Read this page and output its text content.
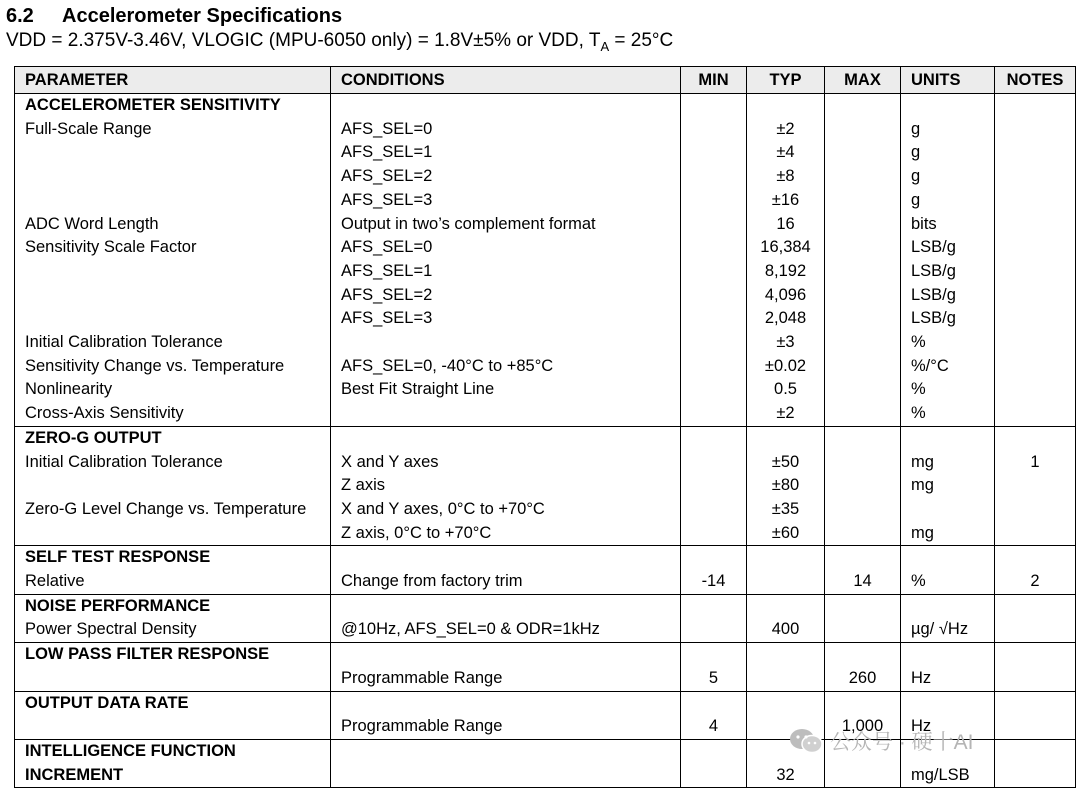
6.2 Accelerometer Specifications
VDD = 2.375V-3.46V, VLOGIC (MPU-6050 only) = 1.8V±5% or VDD, $T_A = 25^\circ C$
PARAMETER	CONDITIONS	MIN	TYP	MAX	UNITS	NOTES
ACCELEROMETER SENSITIVITY						
Full-Scale Range	AFS_SEL=0		±2		g	
	AFS_SEL=1		±4		g	
	AFS_SEL=2		±8		g	
	AFS_SEL=3		±16		g	
ADC Word Length	Output in two’s complement format		16		bits	
Sensitivity Scale Factor	AFS_SEL=0		16,384		LSB/g	
	AFS_SEL=1		8,192		LSB/g	
	AFS_SEL=2		4,096		LSB/g	
	AFS_SEL=3		2,048		LSB/g	
Initial Calibration Tolerance			±3		%	
Sensitivity Change vs. Temperature	AFS_SEL=0, -40°C to +85°C		±0.02		%/°C	
Nonlinearity	Best Fit Straight Line		0.5		%	
Cross-Axis Sensitivity			±2		%	
ZERO-G OUTPUT						
Initial Calibration Tolerance	X and Y axes		±50		mg	1
	Z axis		±80		mg	
Zero-G Level Change vs. Temperature	X and Y axes, 0°C to +70°C		±35			
	Z axis, 0°C to +70°C		±60		mg	
SELF TEST RESPONSE						
Relative	Change from factory trim	-14		14	%	2
NOISE PERFORMANCE						
Power Spectral Density	@10Hz, AFS_SEL=0 & ODR=1kHz		400		µg/ √Hz	
LOW PASS FILTER RESPONSE						
	Programmable Range	5		260	Hz	
OUTPUT DATA RATE						
	Programmable Range	4		1,000	Hz	
INTELLIGENCE FUNCTION						
INCREMENT			32		mg/LSB	
公众号 · 硬十AI
